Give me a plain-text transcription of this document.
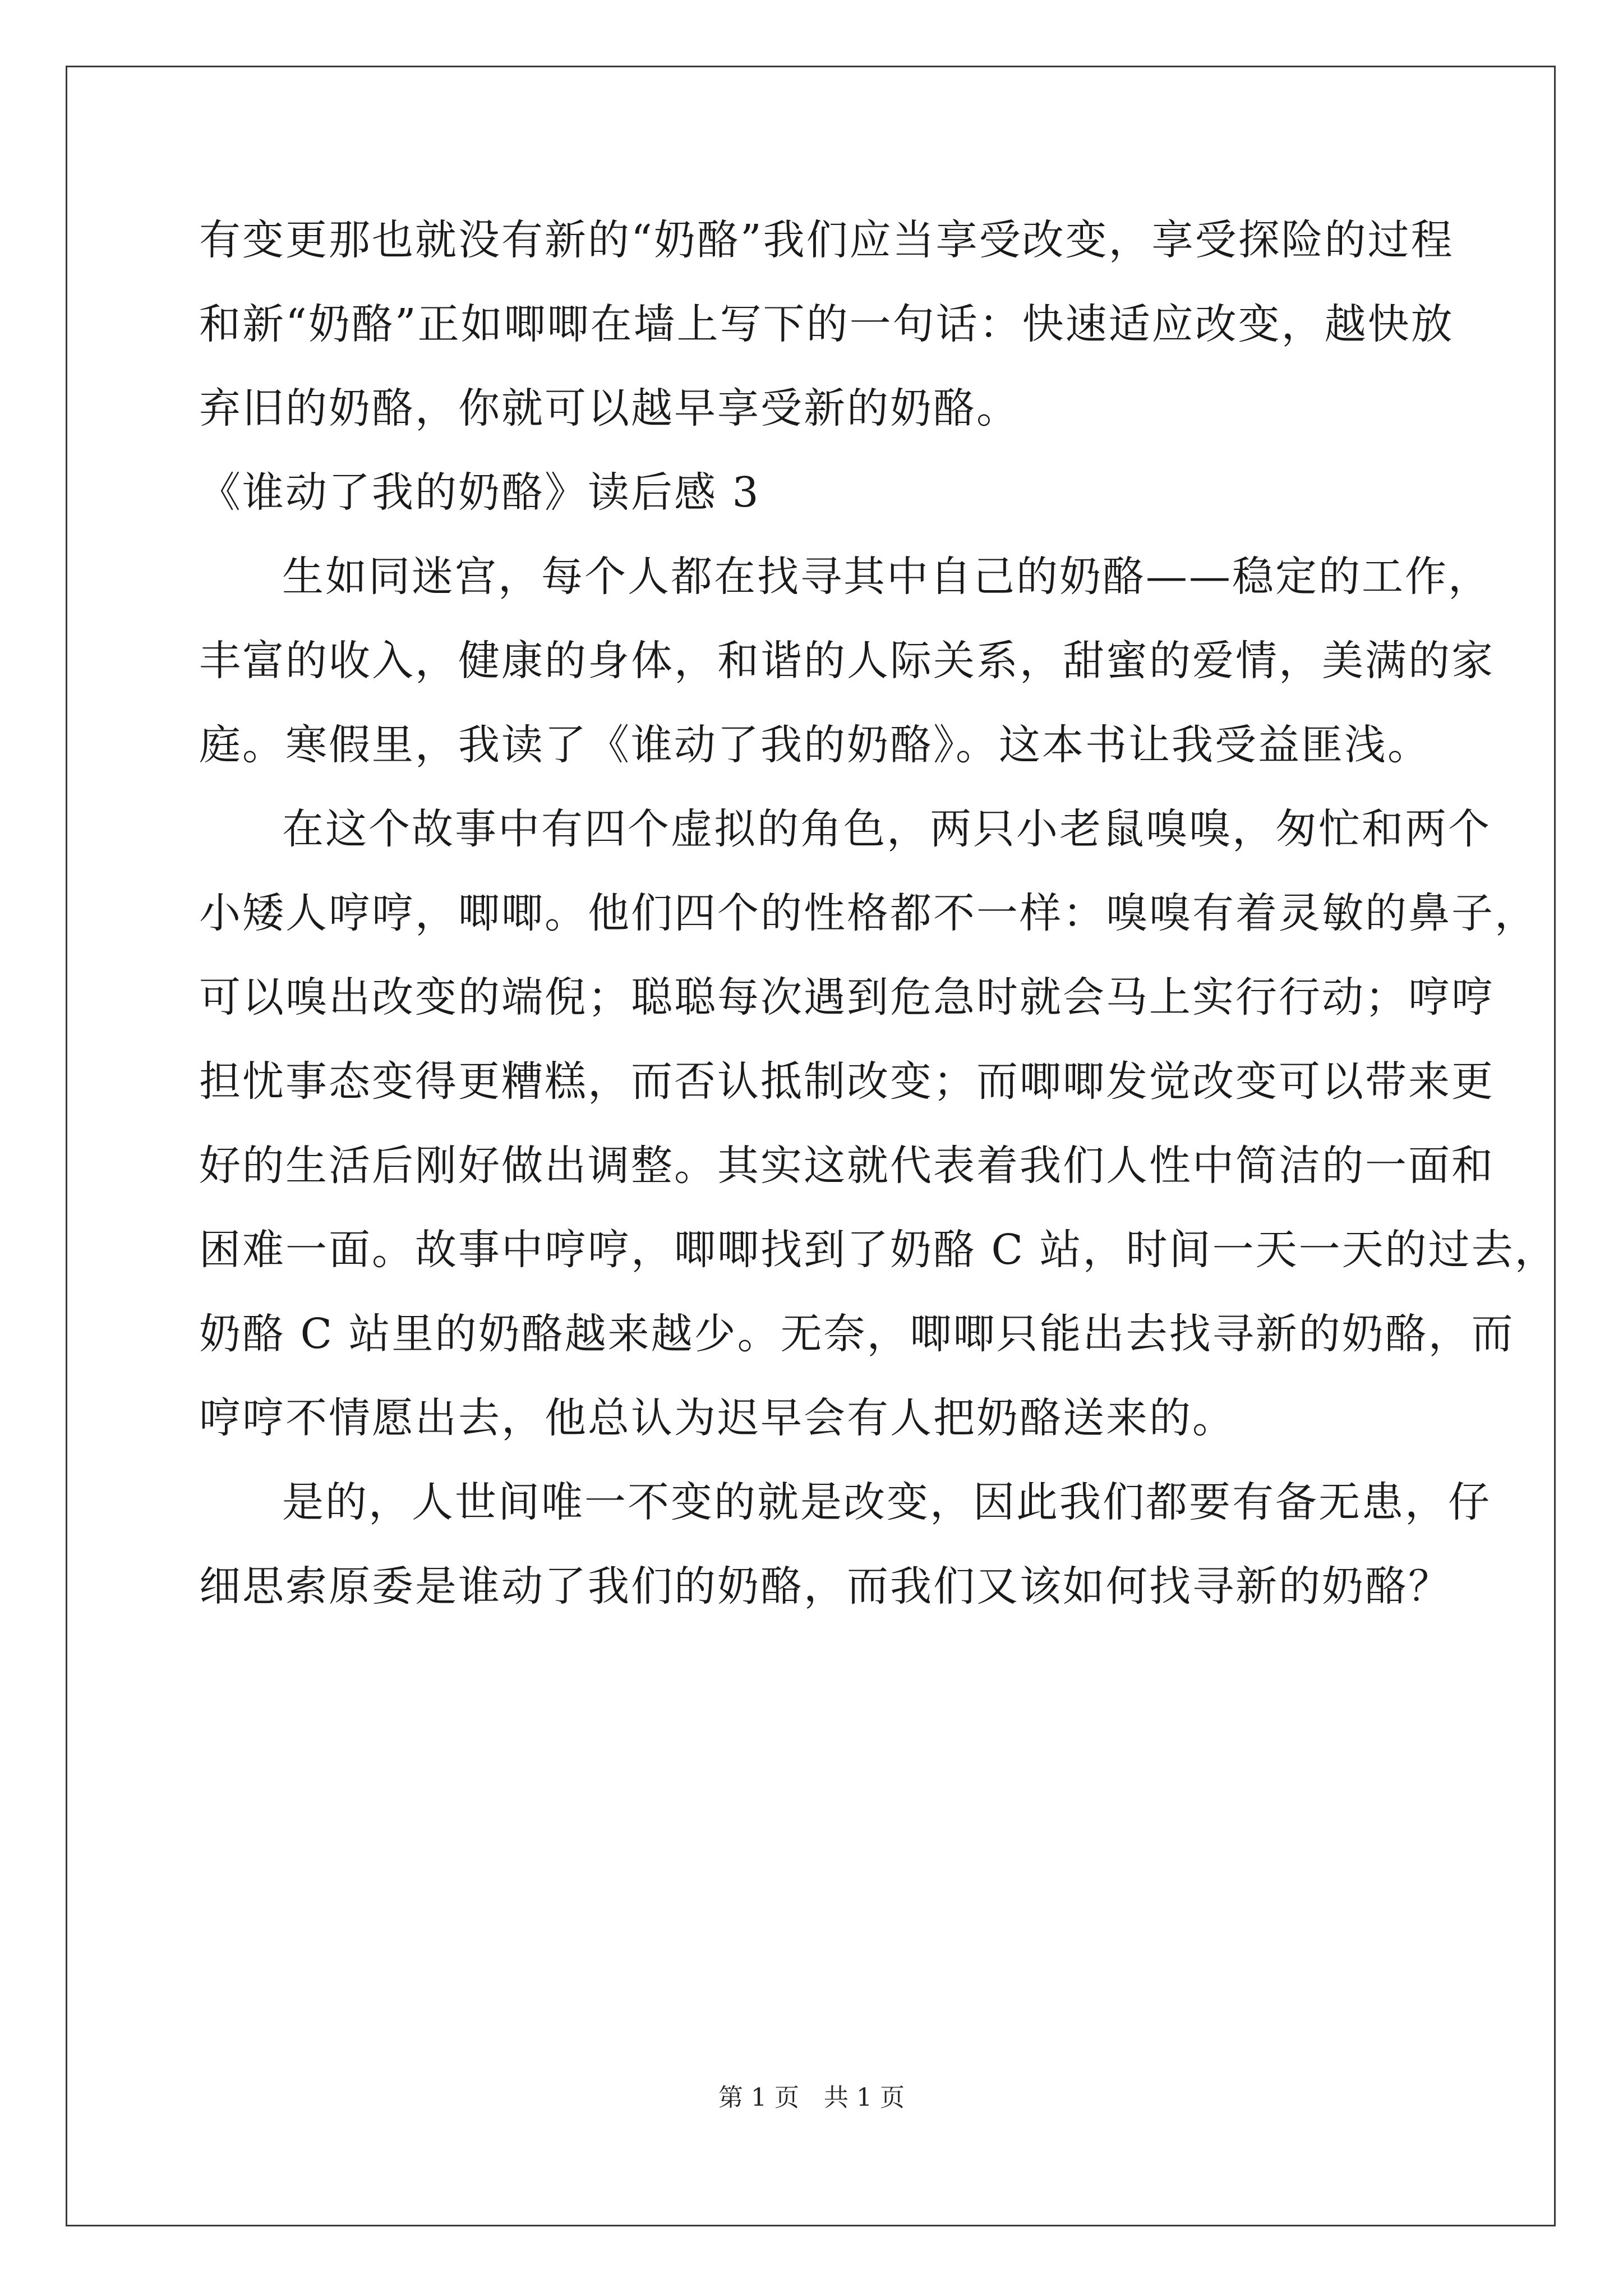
有变更那也就没有新的“奶酪”我们应当享受改变，享受探险的过程
和新“奶酪”正如唧唧在墙上写下的一句话：快速适应改变，越快放
弃旧的奶酪，你就可以越早享受新的奶酪。
《谁动了我的奶酪》读后感 3
生如同迷宫，每个人都在找寻其中自己的奶酪——稳定的工作，
丰富的收入，健康的身体，和谐的人际关系，甜蜜的爱情，美满的家
庭。寒假里，我读了《谁动了我的奶酪》。这本书让我受益匪浅。
在这个故事中有四个虚拟的角色，两只小老鼠嗅嗅，匆忙和两个
小矮人哼哼，唧唧。他们四个的性格都不一样：嗅嗅有着灵敏的鼻子，
可以嗅出改变的端倪；聪聪每次遇到危急时就会马上实行行动；哼哼
担忧事态变得更糟糕，而否认抵制改变；而唧唧发觉改变可以带来更
好的生活后刚好做出调整。其实这就代表着我们人性中简洁的一面和
困难一面。故事中哼哼，唧唧找到了奶酪 C 站，时间一天一天的过去，
奶酪 C 站里的奶酪越来越少。无奈，唧唧只能出去找寻新的奶酪，而
哼哼不情愿出去，他总认为迟早会有人把奶酪送来的。
是的，人世间唯一不变的就是改变，因此我们都要有备无患，仔
细思索原委是谁动了我们的奶酪，而我们又该如何找寻新的奶酪？
第 1 页　共 1 页
